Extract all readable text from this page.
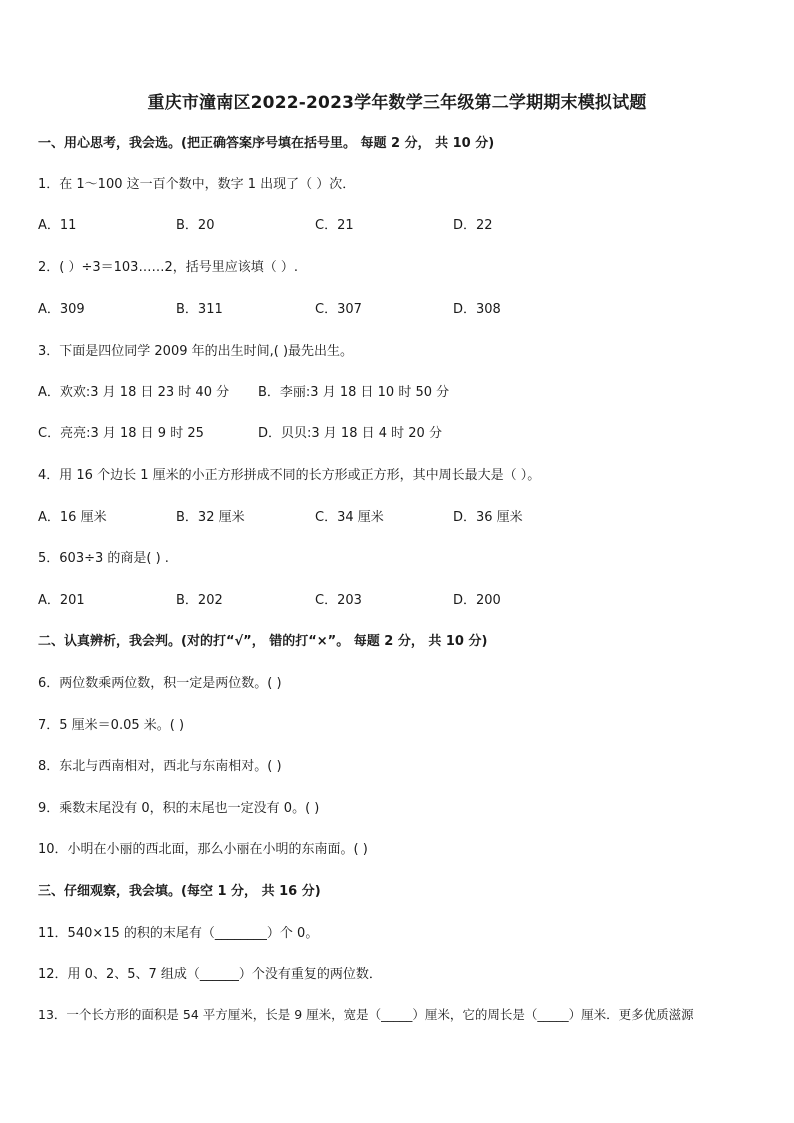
重庆市潼南区2022-2023学年数学三年级第二学期期末模拟试题
一、用心思考，我会选。(把正确答案序号填在括号里。 每题 2 分， 共 10 分)
1．在 1～100 这一百个数中，数字 1 出现了（ ）次．
A．11	B．20	C．21	D．22
2．( ）÷3＝103……2，括号里应该填（ ）.
A．309	B．311	C．307	D．308
3．下面是四位同学 2009 年的出生时间,( )最先出生。
A．欢欢:3 月 18 日 23 时 40 分 B．李丽:3 月 18 日 10 时 50 分
C．亮亮:3 月 18 日 9 时 25	D．贝贝:3 月 18 日 4 时 20 分
4．用 16 个边长 1 厘米的小正方形拼成不同的长方形或正方形，其中周长最大是（ ）。
A．16 厘米	B．32 厘米	C．34 厘米	D．36 厘米
5．603÷3 的商是( ) .
A．201	B．202	C．203	D．200
二、认真辨析，我会判。(对的打“√”， 错的打“×”。 每题 2 分， 共 10 分)
6．两位数乘两位数，积一定是两位数。( )
7．5 厘米＝0.05 米。( )
8．东北与西南相对，西北与东南相对。( )
9．乘数末尾没有 0，积的末尾也一定没有 0。( )
10．小明在小丽的西北面，那么小丽在小明的东南面。( )
三、仔细观察，我会填。(每空 1 分， 共 16 分)
11．540×15 的积的末尾有（________）个 0。
12．用 0、2、5、7 组成（______）个没有重复的两位数．
13．一个长方形的面积是 54 平方厘米，长是 9 厘米，宽是（_____）厘米，它的周长是（_____）厘米．更多优质滋源
